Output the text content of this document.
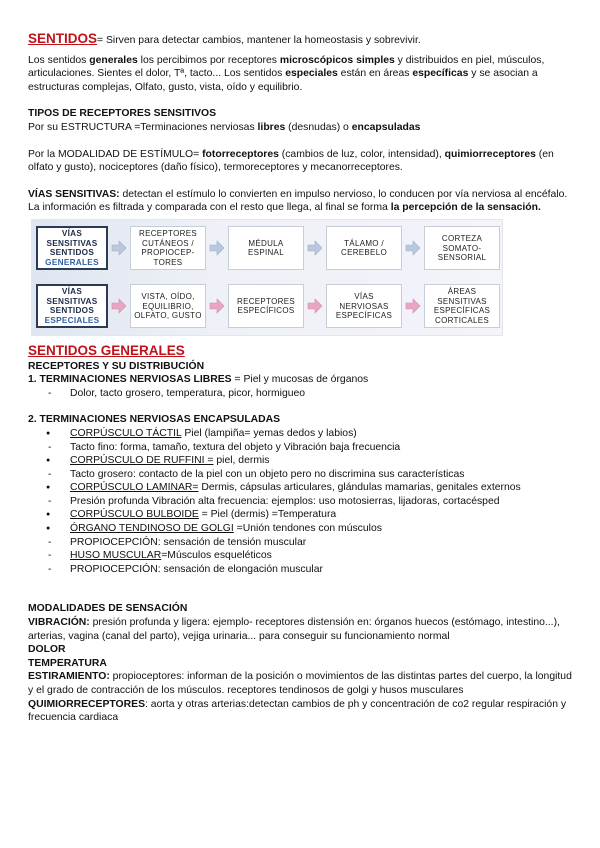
SENTIDOS= Sirven para detectar cambios, mantener la homeostasis y sobrevivir.

Los sentidos generales los percibimos por receptores microscópicos simples y distribuidos en piel, músculos, articulaciones. Sientes el dolor, Tª, tacto... Los sentidos especiales están en áreas específicas y se asocian a estructuras complejas, Olfato, gusto, vista, oído y equilibrio.

TIPOS DE RECEPTORES SENSITIVOS

Por su ESTRUCTURA =Terminaciones nerviosas libres (desnudas) o encapsuladas

Por la MODALIDAD DE ESTÍMULO= fotorreceptores (cambios de luz, color, intensidad), quimiorreceptores (en olfato y gusto), nociceptores (daño físico), termoreceptores y mecanorreceptores.

VÍAS SENSITIVAS: detectan el estímulo lo convierten en impulso nervioso, lo conducen por vía nerviosa al encéfalo. La información es filtrada y comparada con el resto que llega, al final se forma la percepción de la sensación.

VÍAS
SENSITIVAS
SENTIDOS
GENERALES
RECEPTORES CUTÁNEOS / PROPIOCEP-TORES
MÉDULA ESPINAL
TÁLAMO / CEREBELO
CORTEZA SOMATO-SENSORIAL
VÍAS
SENSITIVAS
SENTIDOS
ESPECIALES
VISTA, OÍDO, EQUILIBRIO, OLFATO, GUSTO
RECEPTORES ESPECÍFICOS
VÍAS NERVIOSAS ESPECÍFICAS
ÁREAS SENSITIVAS ESPECÍFICAS CORTICALES

SENTIDOS GENERALES

RECEPTORES Y SU DISTRIBUCIÓN

1. TERMINACIONES NERVIOSAS LIBRES = Piel y mucosas de órganos

- Dolor, tacto grosero, temperatura, picor, hormigueo

2. TERMINACIONES NERVIOSAS ENCAPSULADAS

● CORPÚSCULO TÁCTIL Piel (lampiña= yemas dedos y labios)
- Tacto fino: forma, tamaño, textura del objeto y Vibración baja frecuencia
● CORPÚSCULO DE RUFFINI = piel, dermis
- Tacto grosero: contacto de la piel con un objeto pero no discrimina sus características
● CORPÚSCULO LAMINAR= Dermis, cápsulas articulares, glándulas mamarias, genitales externos
- Presión profunda Vibración alta frecuencia: ejemplos: uso motosierras, lijadoras, cortacésped
● CORPÚSCULO BULBOIDE = Piel (dermis) =Temperatura
● ÓRGANO TENDINOSO DE GOLGI =Unión tendones con músculos
- PROPIOCEPCIÓN: sensación de tensión muscular
- HUSO MUSCULAR=Músculos esqueléticos
- PROPIOCEPCIÓN: sensación de elongación muscular

MODALIDADES DE SENSACIÓN

VIBRACIÓN: presión profunda y ligera: ejemplo- receptores distensión en: órganos huecos (estómago, intestino...), arterias, vagina (canal del parto), vejiga urinaria... para conseguir su funcionamiento normal

DOLOR

TEMPERATURA

ESTIRAMIENTO: propioceptores: informan de la posición o movimientos de las distintas partes del cuerpo, la longitud y el grado de contracción de los músculos. receptores tendinosos de golgi y husos musculares

QUIMIORRECEPTORES: aorta y otras arterias:detectan cambios de ph y concentración de co2 regular respiración y frecuencia cardiaca
